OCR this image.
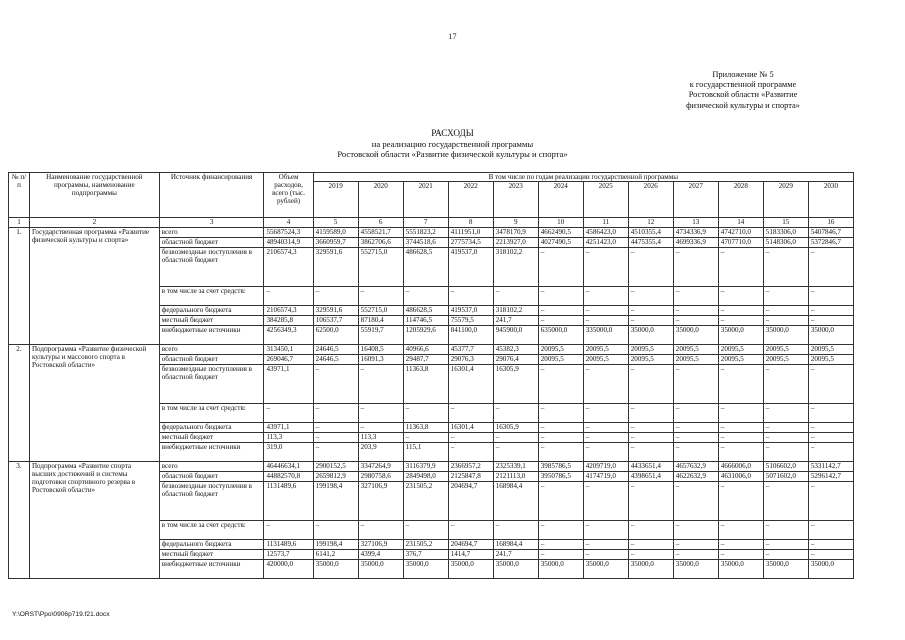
17
Приложение № 5
к государственной программе
Ростовской области «Развитие
физической культуры и спорта»
РАСХОДЫ
на реализацию государственной программы
Ростовской области «Развитие физической культуры и спорта»
№ п/п	Наименование государственной программы, наименование подпрограммы	Источник финансирования	Объем расходов, всего (тыс. рублей)	В том числе по годам реализации государственной программы											
				2019	2020	2021	2022	2023	2024	2025	2026	2027	2028	2029	2030
1	2	3	4	5	6	7	8	9	10	11	12	13	14	15	16
1.	Государственная программа «Развитие физической культуры и спорта»	всего	55687524,3	4159589,0	4558521,7	5551823,2	4111951,0	3478170,9	4662490,5	4586423,0	4510355,4	4734336,9	4742710,0	5183306,0	5407846,7
		областной бюджет	48940314,9	3660959,7	3862706,6	3744518,6	2775734,5	2213927,0	4027490,5	4251423,0	4475355,4	4699336,9	4707710,0	5148306,0	5372846,7
		безвозмездные поступления в областной бюджет	2106574,3	329591,6	552715,0	486628,5	419537,0	318102,2	–	–	–	–	–	–	–
		в том числе за счет средств:	–	–	–	–	–	–	–	–	–	–	–	–	–
		федерального бюджета	2106574,3	329591,6	552715,0	486628,5	419537,0	318102,2	–	–	–	–	–	–	–
		местный бюджет	384285,8	106537,7	87180,4	114746,5	75579,5	241,7	–	–	–	–	–	–	–
		внебюджетные источники	4256349,3	62500,0	55919,7	1205929,6	841100,0	945900,0	635000,0	335000,0	35000,0	35000,0	35000,0	35000,0	35000,0
2.	Подпрограмма «Развитие физической культуры и массового спорта в Ростовской области»	всего	313450,1	24646,5	16408,5	40966,6	45377,7	45382,3	20095,5	20095,5	20095,5	20095,5	20095,5	20095,5	20095,5
		областной бюджет	269046,7	24646,5	16091,3	29487,7	29076,3	29076,4	20095,5	20095,5	20095,5	20095,5	20095,5	20095,5	20095,5
		безвозмездные поступления в областной бюджет	43971,1	–	–	11363,8	16301,4	16305,9	–	–	–	–	–	–	–
		в том числе за счет средств:	–	–	–	–	–	–	–	–	–	–	–	–	–
		федерального бюджета	43971,1	–	–	11363,8	16301,4	16305,9	–	–	–	–	–	–	–
		местный бюджет	113,3	–	113,3	–	–	–	–	–	–	–	–	–	–
		внебюджетные источники	319,0	–	203,9	115,1	–	–	–	–	–	–	–	–	–
3.	Подпрограмма «Развитие спорта высших достижений и системы подготовки спортивного резерва в Ростовской области»	всего	46446634,1	2900152,5	3347264,9	3116379,9	2366957,2	2325339,1	3985786,5	4209719,0	4433651,4	4657632,9	4666006,0	5106602,0	5331142,7
		областной бюджет	44882570,8	2659812,9	2980758,6	2849498,0	2125847,8	2121113,0	3950786,5	4174719,0	4398651,4	4622632,9	4631006,0	5071602,0	5296142,7
		безвозмездные поступления в областной бюджет	1131489,6	199198,4	327106,9	231505,2	204694,7	168984,4	–	–	–	–	–	–	–
		в том числе за счет средств:	–	–	–	–	–	–	–	–	–	–	–	–	–
		федерального бюджета	1131489,6	199198,4	327106,9	231505,2	204694,7	168984,4	–	–	–	–	–	–	–
		местный бюджет	12573,7	6141,2	4399,4	376,7	1414,7	241,7	–	–	–	–	–	–	–
		внебюджетные источники	420000,0	35000,0	35000,0	35000,0	35000,0	35000,0	35000,0	35000,0	35000,0	35000,0	35000,0	35000,0	35000,0
Y:\ORST\Ppo\0906p719.f21.docx
